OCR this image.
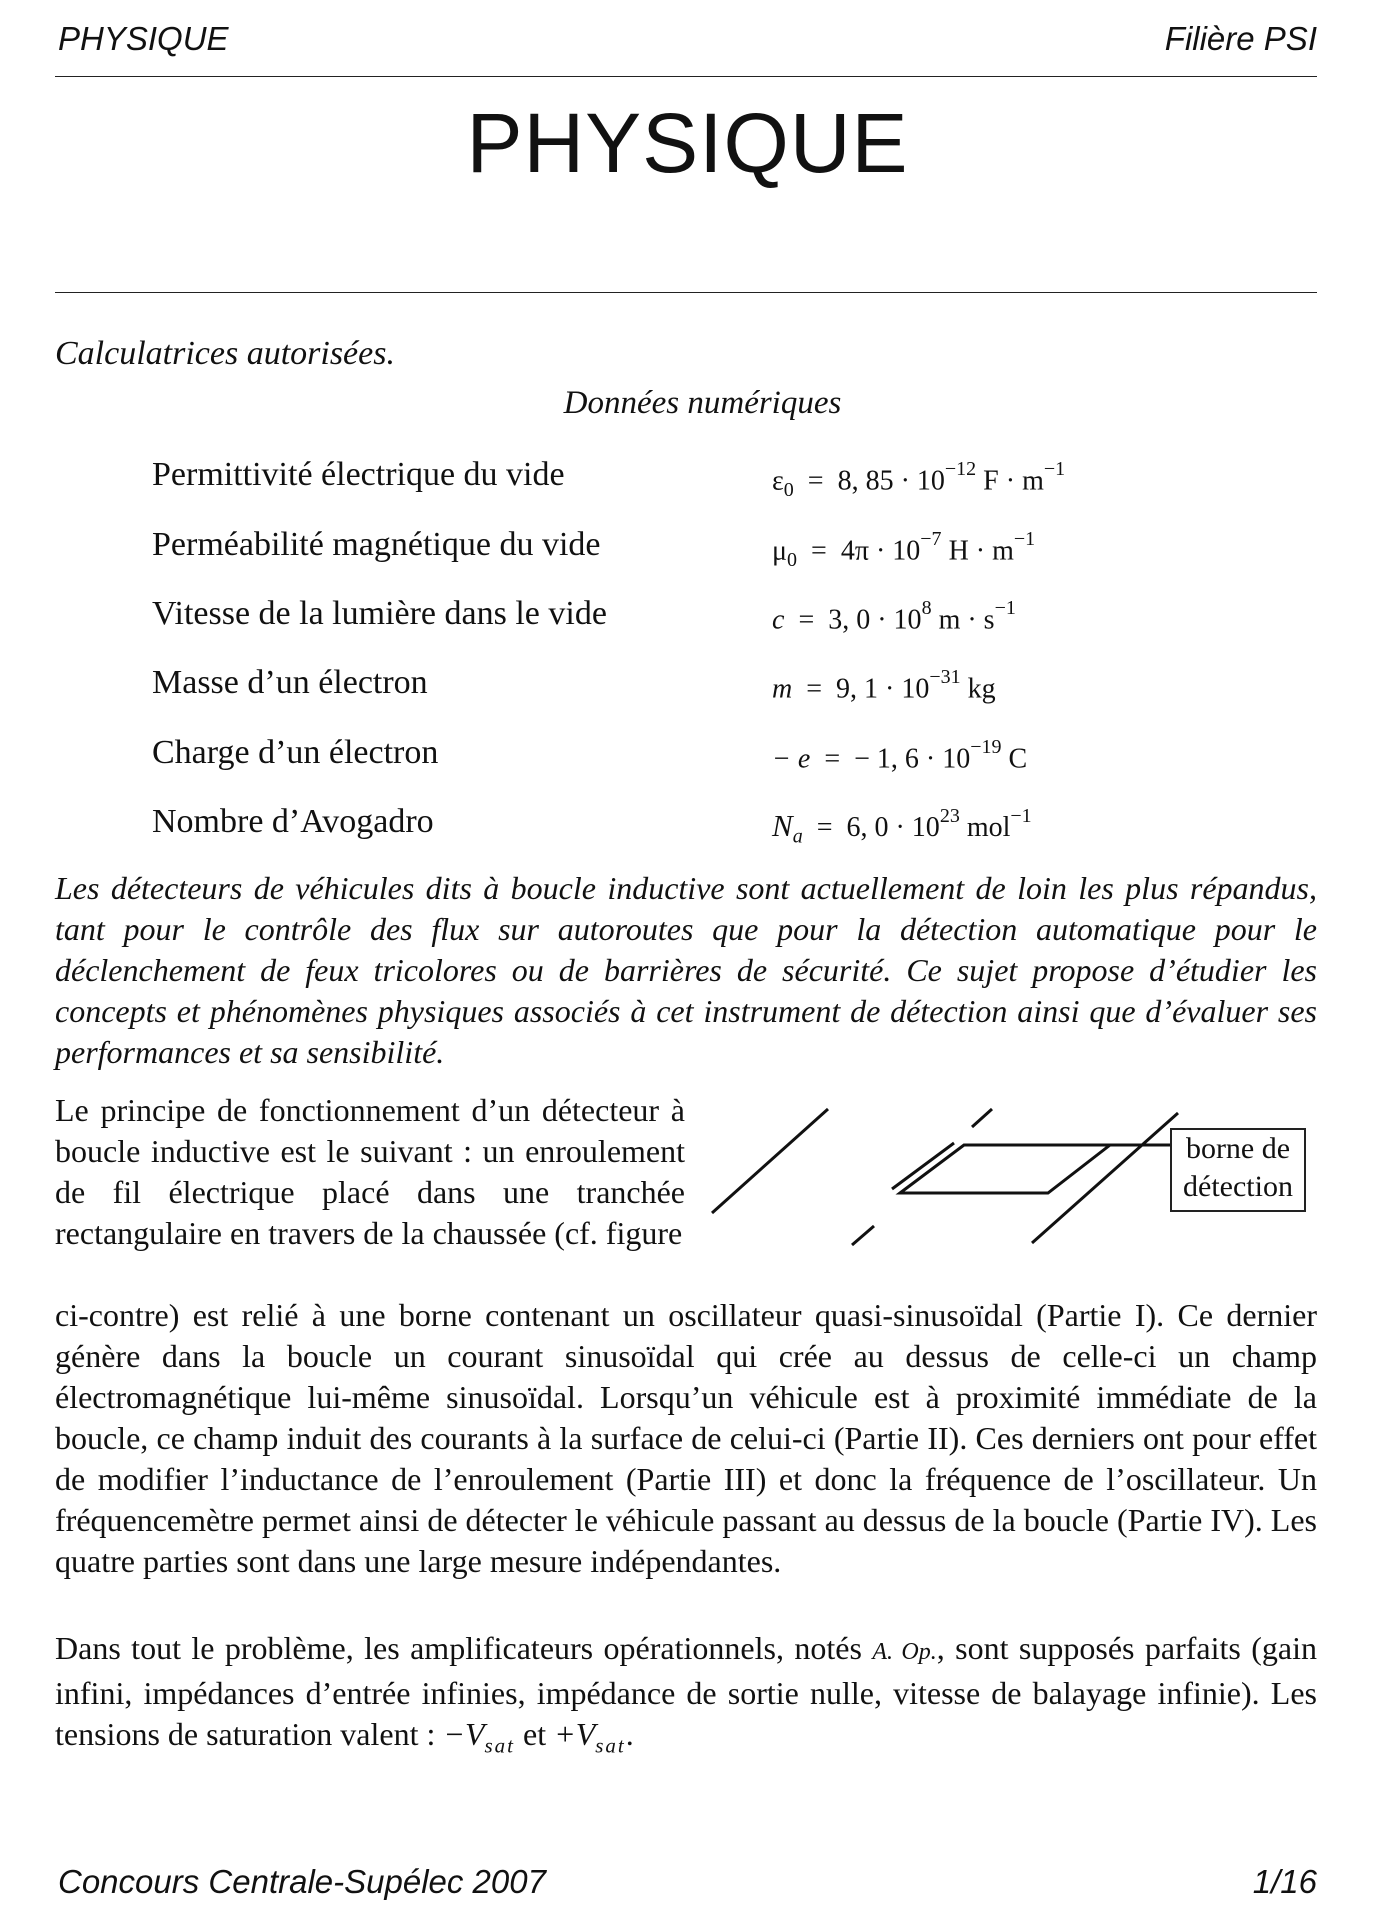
PHYSIQUE	Filière PSI
PHYSIQUE
Calculatrices autorisées.
Données numériques
Permittivité électrique du vide	$\varepsilon_0 = 8$, $85 \cdot 10^{-12}$ $F \cdot m^{-1}$
Perméabilité magnétique du vide	$\mu_0 = 4\pi \cdot 10^{-7}$ $H \cdot m^{-1}$
Vitesse de la lumière dans le vide	c  =  3, $0 \cdot 10^8$ $m \cdot s^{-1}$
Masse d’un électron	m  =  9, $1 \cdot 10^{-31}$ kg
Charge d’un électron	− e  =  − 1, $6 \cdot 10^{-19}$ C
Nombre d’Avogadro	$N_a = 6$, $0 \cdot 10^{23}$ mol$^{-1}$
Les détecteurs de véhicules dits à boucle inductive sont actuellement de loin les plus répandus, tant pour le contrôle des flux sur autoroutes que pour la détection automatique pour le déclenchement de feux tricolores ou de barrières de sécurité. Ce sujet propose d’étudier les concepts et phénomènes physiques associés à cet instrument de détection ainsi que d’évaluer ses performances et sa sensibilité.
Le principe de fonctionnement d’un détecteur à boucle inductive est le suivant : un enroulement de fil électrique placé dans une tranchée rectangulaire en travers de la chaussée (cf. figure
ci-contre) est relié à une borne contenant un oscillateur quasi-sinusoïdal (Partie I). Ce dernier génère dans la boucle un courant sinusoïdal qui crée au dessus de celle-ci un champ électromagnétique lui-même sinusoïdal. Lorsqu’un véhicule est à proximité immédiate de la boucle, ce champ induit des courants à la surface de celui-ci (Partie II). Ces derniers ont pour effet de modifier l’inductance de l’enroulement (Partie III) et donc la fréquence de l’oscillateur. Un fréquencemètre permet ainsi de détecter le véhicule passant au dessus de la boucle (Partie IV). Les quatre parties sont dans une large mesure indépendantes.
borne de
détection
Dans tout le problème, les amplificateurs opérationnels, notés A. Op., sont supposés parfaits (gain infini, impédances d’entrée infinies, impédance de sortie nulle, vitesse de balayage infinie). Les tensions de saturation valent : $-V_{sat}$ et $+V_{sat}$.
Concours Centrale-Supélec 2007	1/16
